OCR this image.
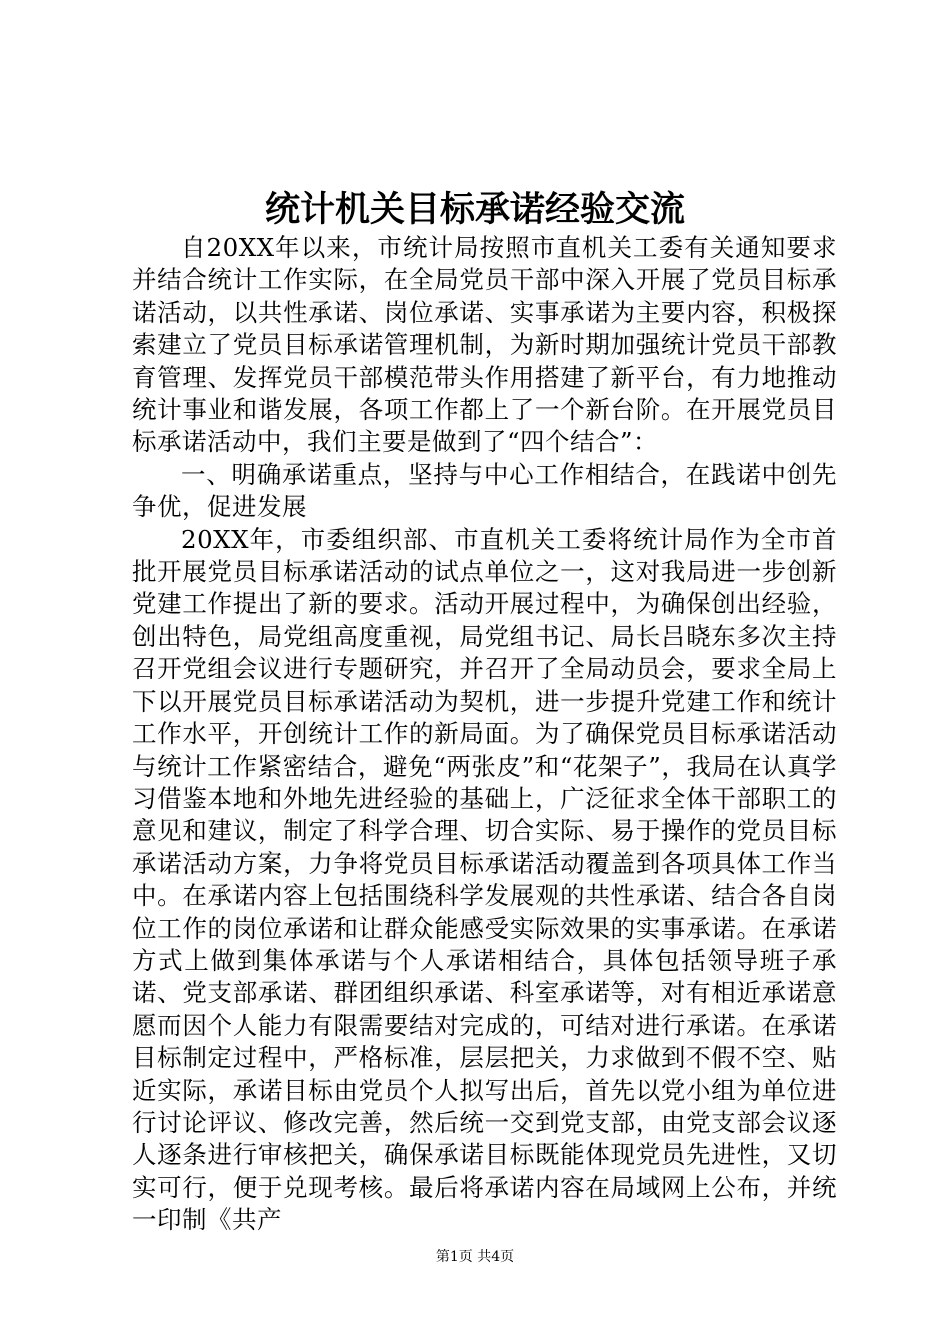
统计机关目标承诺经验交流

自20XX年以来，市统计局按照市直机关工委有关通知要求并结合统计工作实际，在全局党员干部中深入开展了党员目标承诺活动，以共性承诺、岗位承诺、实事承诺为主要内容，积极探索建立了党员目标承诺管理机制，为新时期加强统计党员干部教育管理、发挥党员干部模范带头作用搭建了新平台，有力地推动统计事业和谐发展，各项工作都上了一个新台阶。在开展党员目标承诺活动中，我们主要是做到了“四个结合”：

一、明确承诺重点，坚持与中心工作相结合，在践诺中创先争优，促进发展

20XX年，市委组织部、市直机关工委将统计局作为全市首批开展党员目标承诺活动的试点单位之一，这对我局进一步创新党建工作提出了新的要求。活动开展过程中，为确保创出经验，创出特色，局党组高度重视，局党组书记、局长吕晓东多次主持召开党组会议进行专题研究，并召开了全局动员会，要求全局上下以开展党员目标承诺活动为契机，进一步提升党建工作和统计工作水平，开创统计工作的新局面。为了确保党员目标承诺活动与统计工作紧密结合，避免“两张皮”和“花架子”，我局在认真学习借鉴本地和外地先进经验的基础上，广泛征求全体干部职工的意见和建议，制定了科学合理、切合实际、易于操作的党员目标承诺活动方案，力争将党员目标承诺活动覆盖到各项具体工作当中。在承诺内容上包括围绕科学发展观的共性承诺、结合各自岗位工作的岗位承诺和让群众能感受实际效果的实事承诺。在承诺方式上做到集体承诺与个人承诺相结合，具体包括领导班子承诺、党支部承诺、群团组织承诺、科室承诺等，对有相近承诺意愿而因个人能力有限需要结对完成的，可结对进行承诺。在承诺目标制定过程中，严格标准，层层把关，力求做到不假不空、贴近实际，承诺目标由党员个人拟写出后，首先以党小组为单位进行讨论评议、修改完善，然后统一交到党支部，由党支部会议逐人逐条进行审核把关，确保承诺目标既能体现党员先进性，又切实可行，便于兑现考核。最后将承诺内容在局域网上公布，并统一印制《共产

第1页 共4页
